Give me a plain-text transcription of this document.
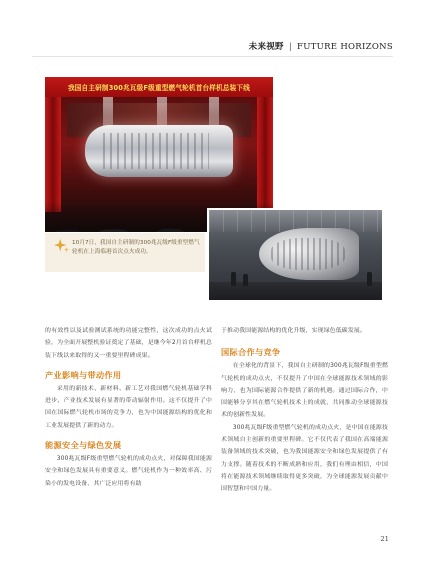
未来视野 | FUTURE HORIZONS
我国自主研制300兆瓦级F级重型燃气轮机首台样机总装下线
10月7日，我国自主研制的300兆瓦级F级重型燃气轮机在上海临港首次点火成功。

的有效性以及试验测试系统的功能完整性，这次成功的点火试验，为全面开展整机验证奠定了基础，是继今年2月首台样机总装下线以来取得的又一重要里程碑成果。

产业影响与带动作用

采用的新技术、新材料、新工艺对我国燃气轮机基础学科进步、产业技术发展有显著的带动辐射作用。这不仅提升了中国在国际燃气轮机市场的竞争力，也为中国能源结构的优化和工业发展提供了新的动力。

能源安全与绿色发展

300兆瓦级F级重型燃气轮机的成功点火，对保障我国能源安全和绿色发展具有重要意义。燃气轮机作为一种效率高、污染小的发电设备，其广泛应用将有助

于推动我国能源结构的优化升级，实现绿色低碳发展。

国际合作与竞争

在全球化的背景下，我国自主研制的300兆瓦级F级重型燃气轮机的成功点火，不仅提升了中国在全球能源技术领域的影响力，也为国际能源合作提供了新的机遇。通过国际合作，中国能够分享其在燃气轮机技术上的成就，共同推动全球能源技术的创新性发展。

300兆瓦级F级重型燃气轮机的成功点火，是中国在能源技术领域自主创新的重要里程碑。它不仅代表了我国在高端能源装备领域的技术突破，也为我国能源安全和绿色发展提供了有力支撑。随着技术的不断成熟和应用，我们有理由相信，中国将在能源技术领域继续取得更多突破，为全球能源发展贡献中国智慧和中国力量。

21
